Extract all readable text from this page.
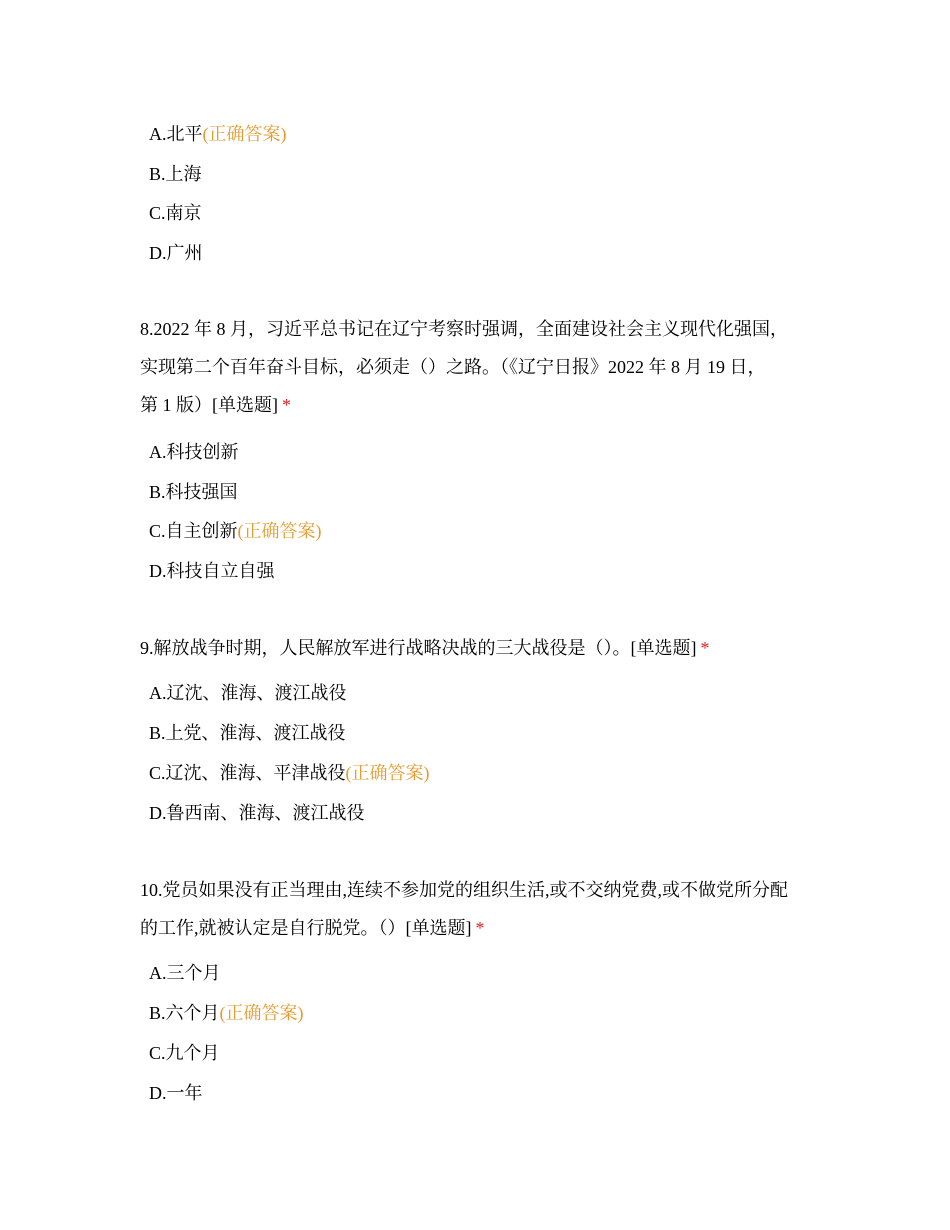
A.北平(正确答案)
B.上海
C.南京
D.广州
8.2022 年 8 月，习近平总书记在辽宁考察时强调，全面建设社会主义现代化强国，
实现第二个百年奋斗目标，必须走（）之路。（《辽宁日报》2022 年 8 月 19 日，
第 1 版）[单选题] *
A.科技创新
B.科技强国
C.自主创新(正确答案)
D.科技自立自强
9.解放战争时期，人民解放军进行战略决战的三大战役是（）。[单选题] *
A.辽沈、淮海、渡江战役
B.上党、淮海、渡江战役
C.辽沈、淮海、平津战役(正确答案)
D.鲁西南、淮海、渡江战役
10.党员如果没有正当理由,连续不参加党的组织生活,或不交纳党费,或不做党所分配
的工作,就被认定是自行脱党。（）[单选题] *
A.三个月
B.六个月(正确答案)
C.九个月
D.一年
